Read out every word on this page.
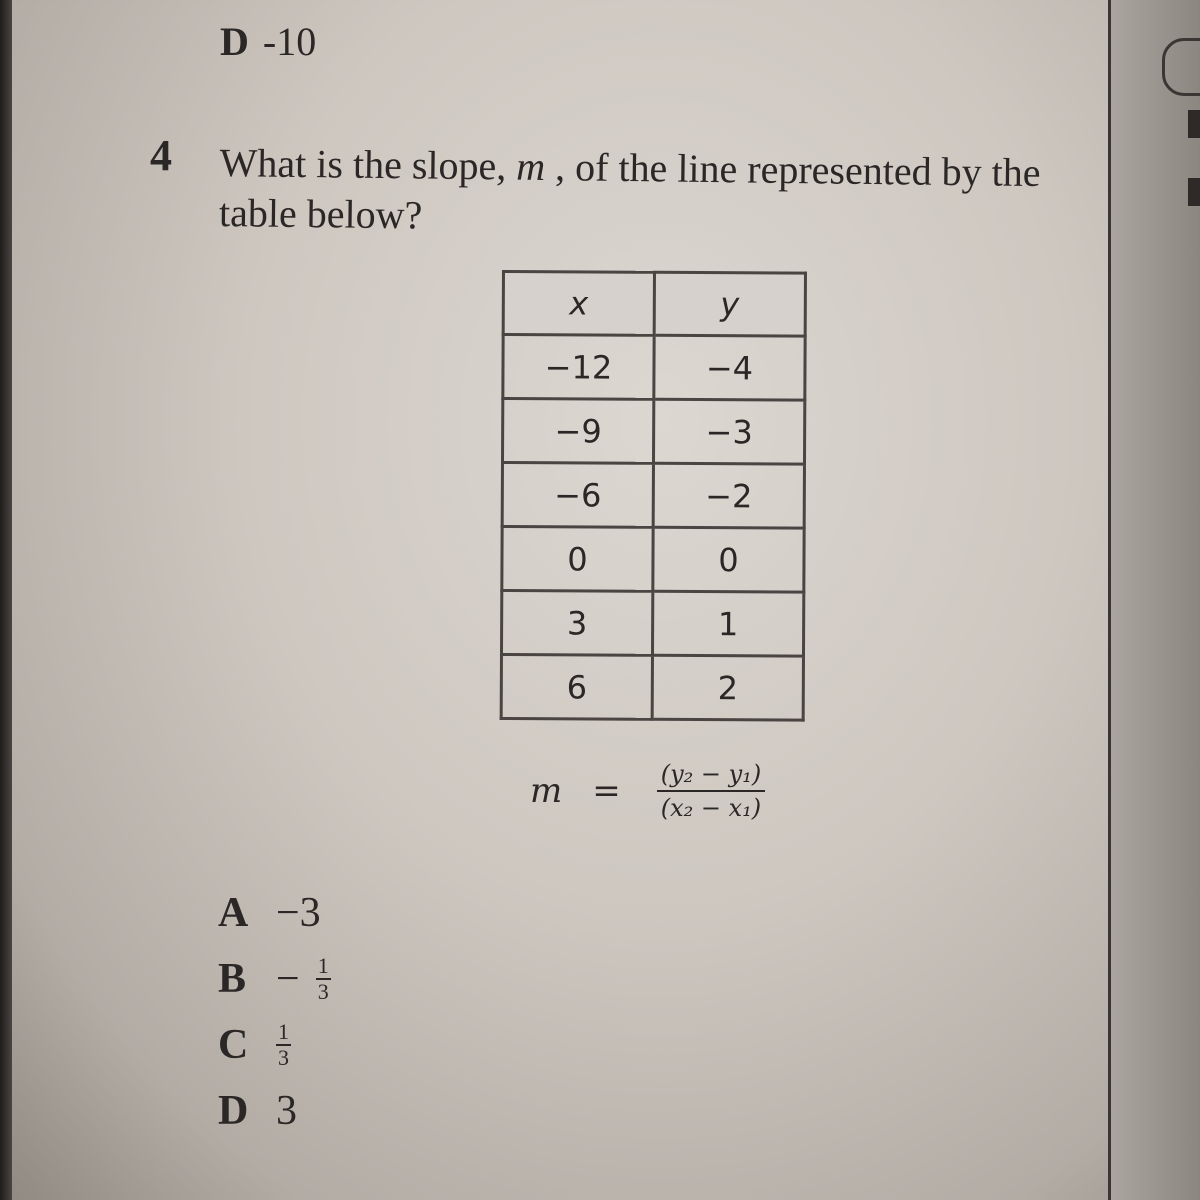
D -10
4 What is the slope, m , of the line represented by the table below?
x	y
−12	−4
−9	−3
−6	−2
0	0
3	1
6	2
$m = \frac{\text{(y₂ − y₁)}}{\text{(x₂ − x₁)}}$
A −3
$B - \frac{1}{3}$
C	$\frac{1}{3}$
D 3
